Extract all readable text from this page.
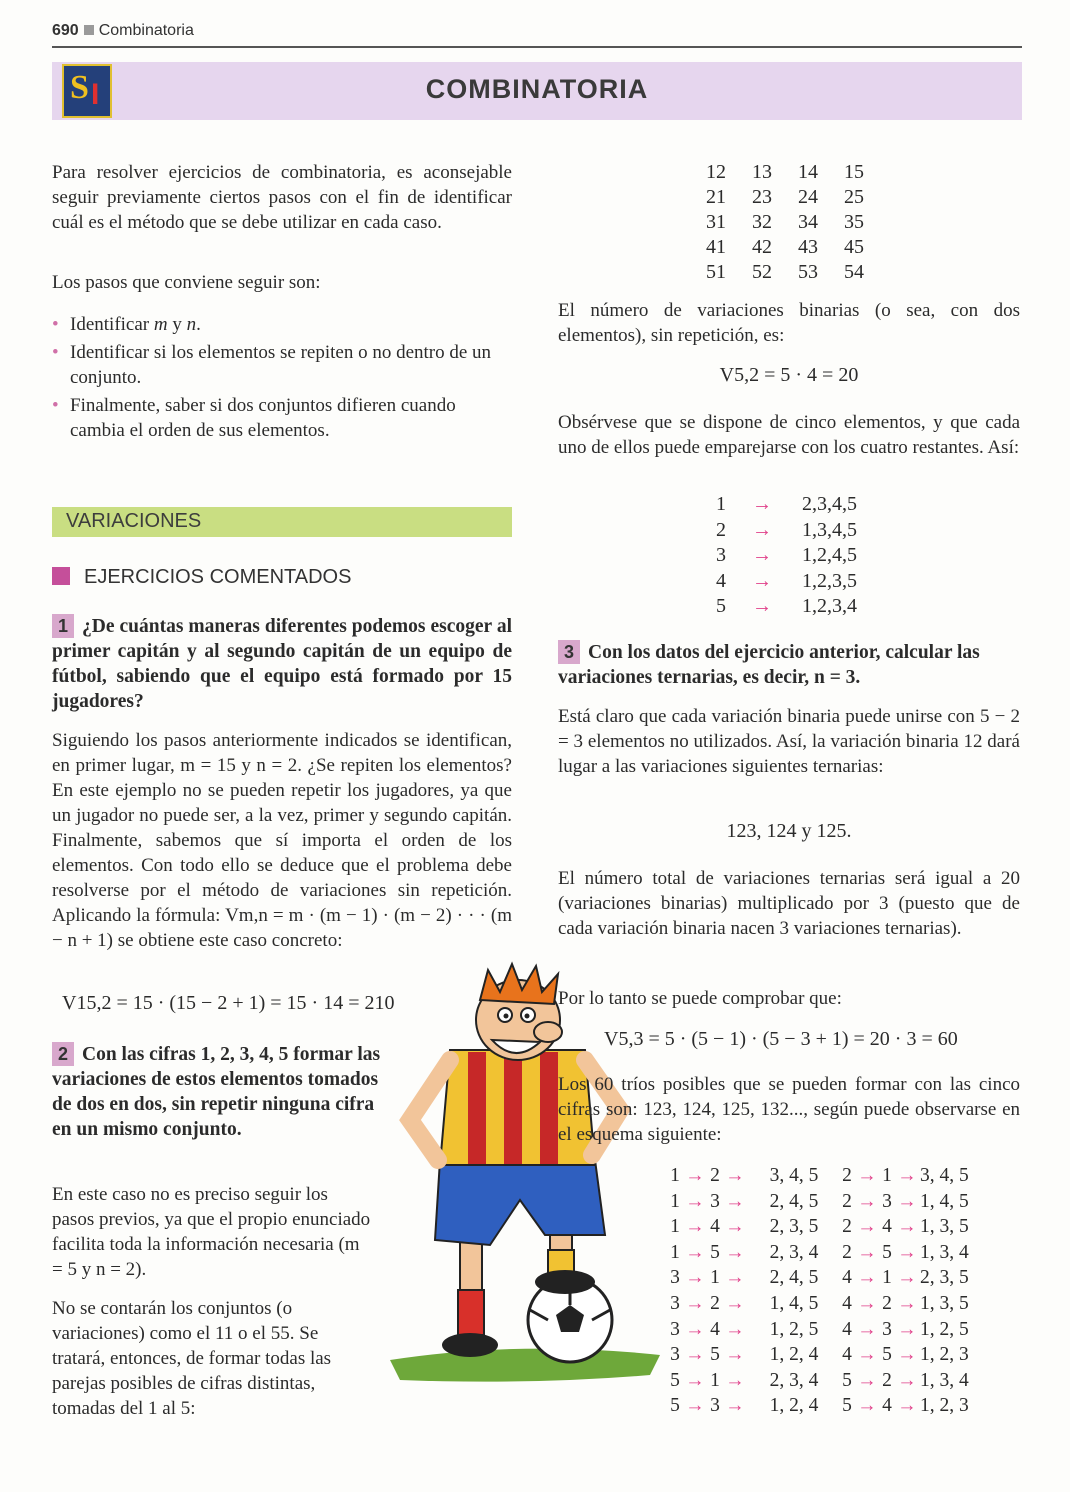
690 Combinatoria
S I	COMBINATORIA

Para resolver ejercicios de combinatoria, es aconsejable seguir previamente ciertos pasos con el fin de identificar cuál es el método que se debe utilizar en cada caso.

Los pasos que conviene seguir son:

• Identificar m y n.
• Identificar si los elementos se repiten o no dentro de un conjunto.
• Finalmente, saber si dos conjuntos difieren cuando cambia el orden de sus elementos.
VARIACIONES
EJERCICIOS COMENTADOS
1 ¿De cuántas maneras diferentes podemos escoger al primer capitán y al segundo capitán de un equipo de fútbol, sabiendo que el equipo está formado por 15 jugadores?

Siguiendo los pasos anteriormente indicados se identifican, en primer lugar, m = 15 y n = 2. ¿Se repiten los elementos? En este ejemplo no se pueden repetir los jugadores, ya que un jugador no puede ser, a la vez, primer y segundo capitán. Finalmente, sabemos que sí importa el orden de los elementos. Con todo ello se deduce que el problema debe resolverse por el método de variaciones sin repetición. Aplicando la fórmula: Vm,n = m · (m − 1) · (m − 2) · · · (m − n + 1) se obtiene este caso concreto:

V15,2 = 15 · (15 − 2 + 1) = 15 · 14 = 210
2 Con las cifras 1, 2, 3, 4, 5 formar las variaciones de estos elementos tomados de dos en dos, sin repetir ninguna cifra en un mismo conjunto.

En este caso no es preciso seguir los pasos previos, ya que el propio enunciado facilita toda la información necesaria (m = 5 y n = 2).

No se contarán los conjuntos (o variaciones) como el 11 o el 55. Se tratará, entonces, de formar todas las parejas posibles de cifras distintas, tomadas del 1 al 5:

12	13	14	15
21	23	24	25
31	32	34	35
41	42	43	45
51	52	53	54

El número de variaciones binarias (o sea, con dos elementos), sin repetición, es:

V5,2 = 5 · 4 = 20

Obsérvese que se dispone de cinco elementos, y que cada uno de ellos puede emparejarse con los cuatro restantes. Así:

1	→	2,3,4,5
2	→	1,3,4,5
3	→	1,2,4,5
4	→	1,2,3,5
5	→	1,2,3,4
3 Con los datos del ejercicio anterior, calcular las variaciones ternarias, es decir, n = 3.

Está claro que cada variación binaria puede unirse con 5 − 2 = 3 elementos no utilizados. Así, la variación binaria 12 dará lugar a las variaciones siguientes ternarias:

123, 124 y 125.

El número total de variaciones ternarias será igual a 20 (variaciones binarias) multiplicado por 3 (puesto que de cada variación binaria nacen 3 variaciones ternarias).

Por lo tanto se puede comprobar que:

V5,3 = 5 · (5 − 1) · (5 − 3 + 1) = 20 · 3 = 60
Los 60 tríos posibles que se pueden formar con las cinco cifras son: 123, 124, 125, 132..., según puede observarse en el esquema siguiente:
1	→	2	→	3, 4, 5	2	→	1	→	3, 4, 5
1	→	3	→	2, 4, 5	2	→	3	→	1, 4, 5
1	→	4	→	2, 3, 5	2	→	4	→	1, 3, 5
1	→	5	→	2, 3, 4	2	→	5	→	1, 3, 4
3	→	1	→	2, 4, 5	4	→	1	→	2, 3, 5
3	→	2	→	1, 4, 5	4	→	2	→	1, 3, 5
3	→	4	→	1, 2, 5	4	→	3	→	1, 2, 5
3	→	5	→	1, 2, 4	4	→	5	→	1, 2, 3
5	→	1	→	2, 3, 4	5	→	2	→	1, 3, 4
5	→	3	→	1, 2, 4	5	→	4	→	1, 2, 3
